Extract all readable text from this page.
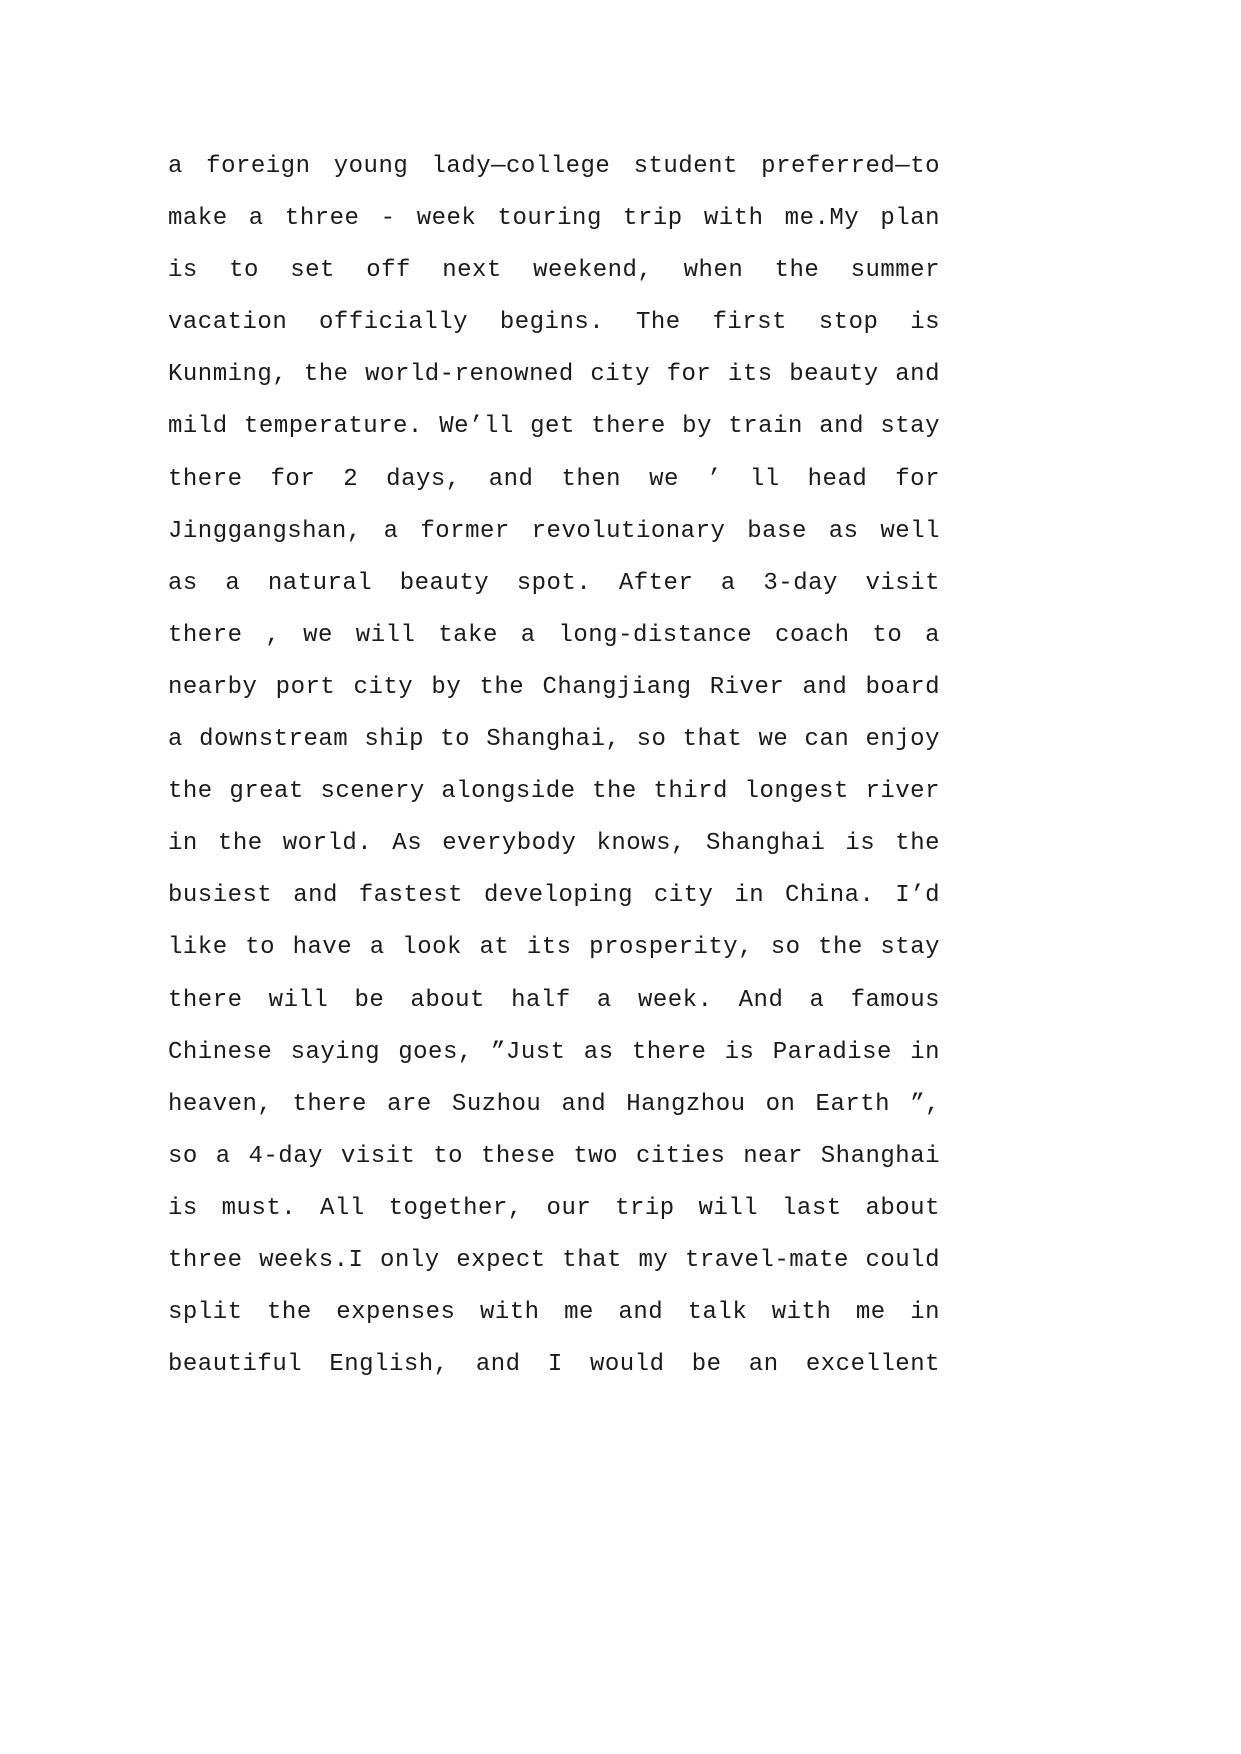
a foreign young lady—college student preferred—to
make a three - week touring trip with me.My plan
is to set off next weekend, when the summer
vacation officially begins. The first stop is
Kunming, the world-renowned city for its beauty and
mild temperature. We’ll get there by train and stay
there for 2 days, and then we ’ ll head for
Jinggangshan, a former revolutionary base as well
as a natural beauty spot. After a 3-day visit
there , we will take a long-distance coach to a
nearby port city by the Changjiang River and board
a downstream ship to Shanghai, so that we can enjoy
the great scenery alongside the third longest river
in the world. As everybody knows, Shanghai is the
busiest and fastest developing city in China. I’d
like to have a look at its prosperity, so the stay
there will be about half a week. And a famous
Chinese saying goes, ”Just as there is Paradise in
heaven, there are Suzhou and Hangzhou on Earth ”,
so a 4-day visit to these two cities near Shanghai
is must. All together, our trip will last about
three weeks.I only expect that my travel-mate could
split the expenses with me and talk with me in
beautiful English, and I would be an excellent
